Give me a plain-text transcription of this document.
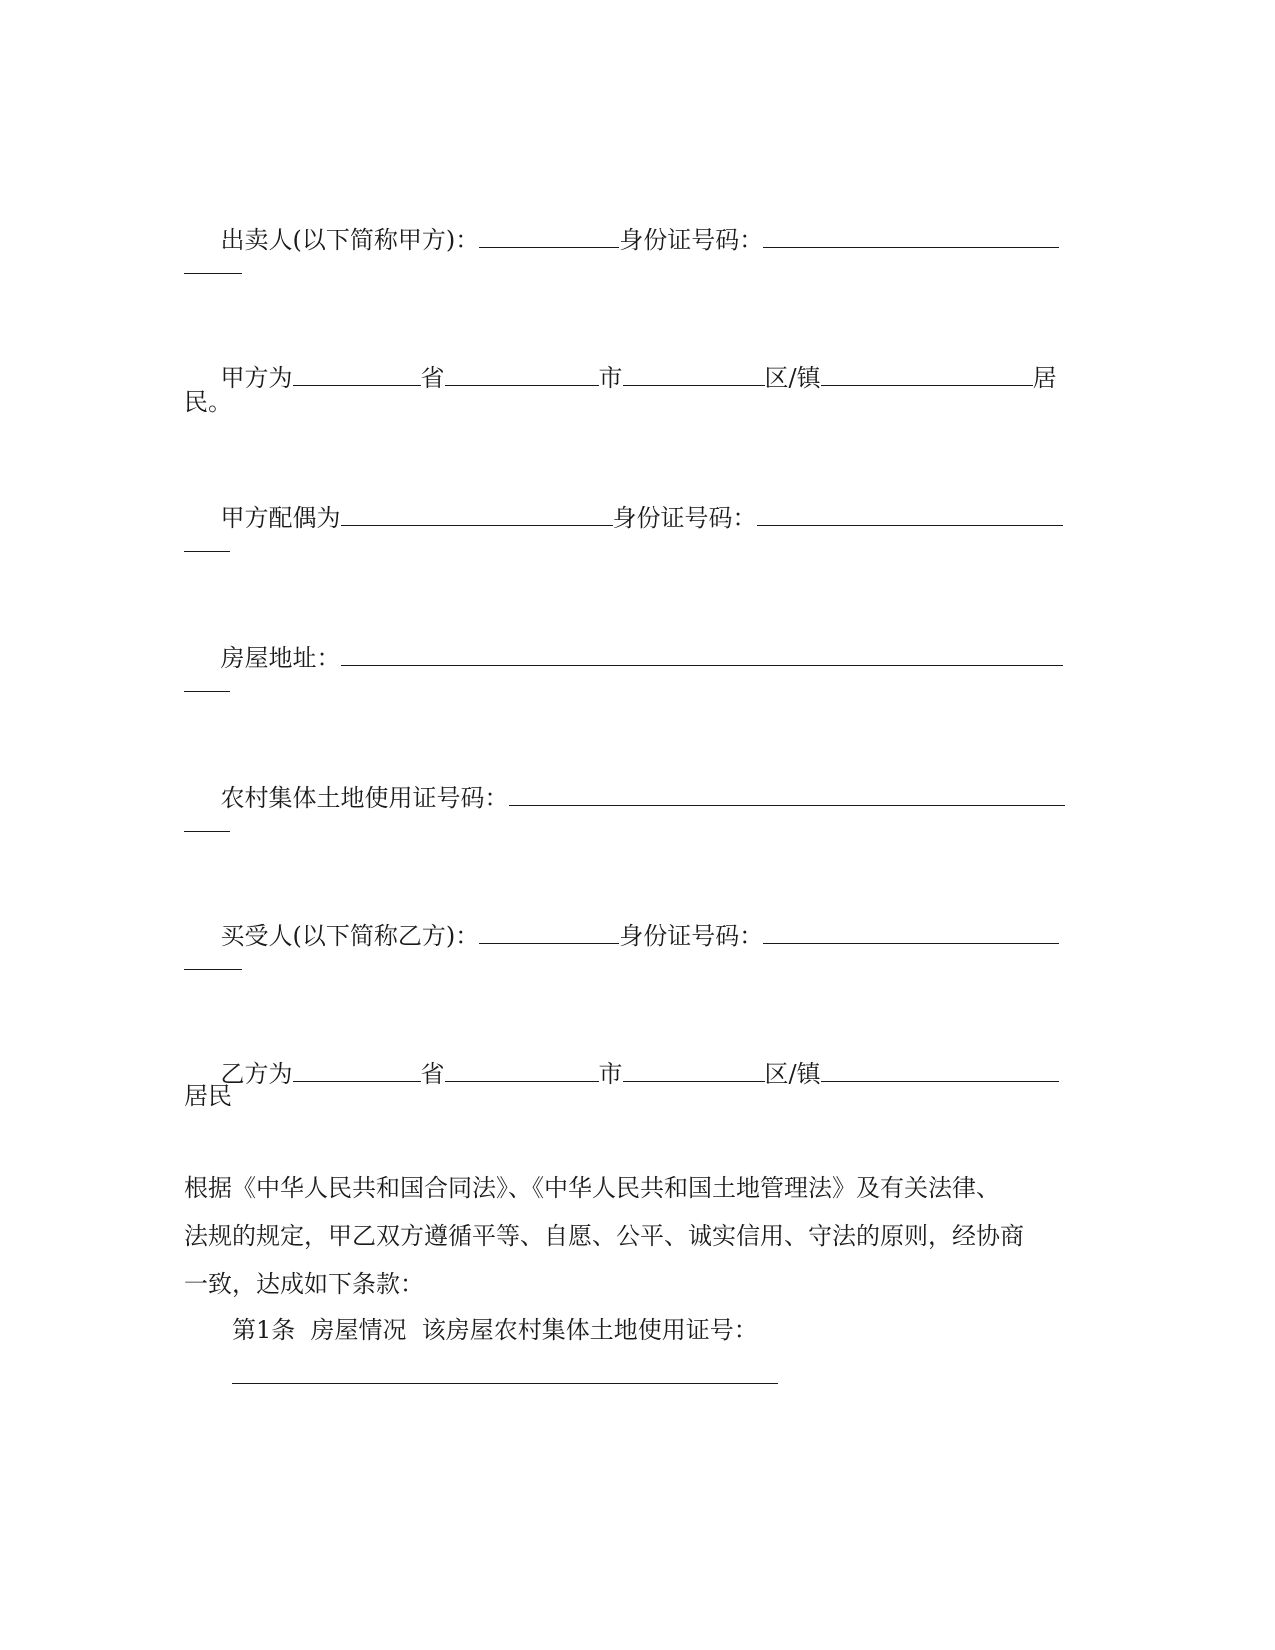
出卖人(以下简称甲方)：	身份证号码：

甲方为	省	市	区/镇	居

民。

甲方配偶为	身份证号码：

房屋地址：

农村集体土地使用证号码：

买受人(以下简称乙方)：	身份证号码：

乙方为	省	市	区/镇

居民
根据《中华人民共和国合同法》、《中华人民共和国土地管理法》及有关法律、
法规的规定，甲乙双方遵循平等、自愿、公平、诚实信用、守法的原则，经协商
一致，达成如下条款：
第1条  房屋情况  该房屋农村集体土地使用证号：
